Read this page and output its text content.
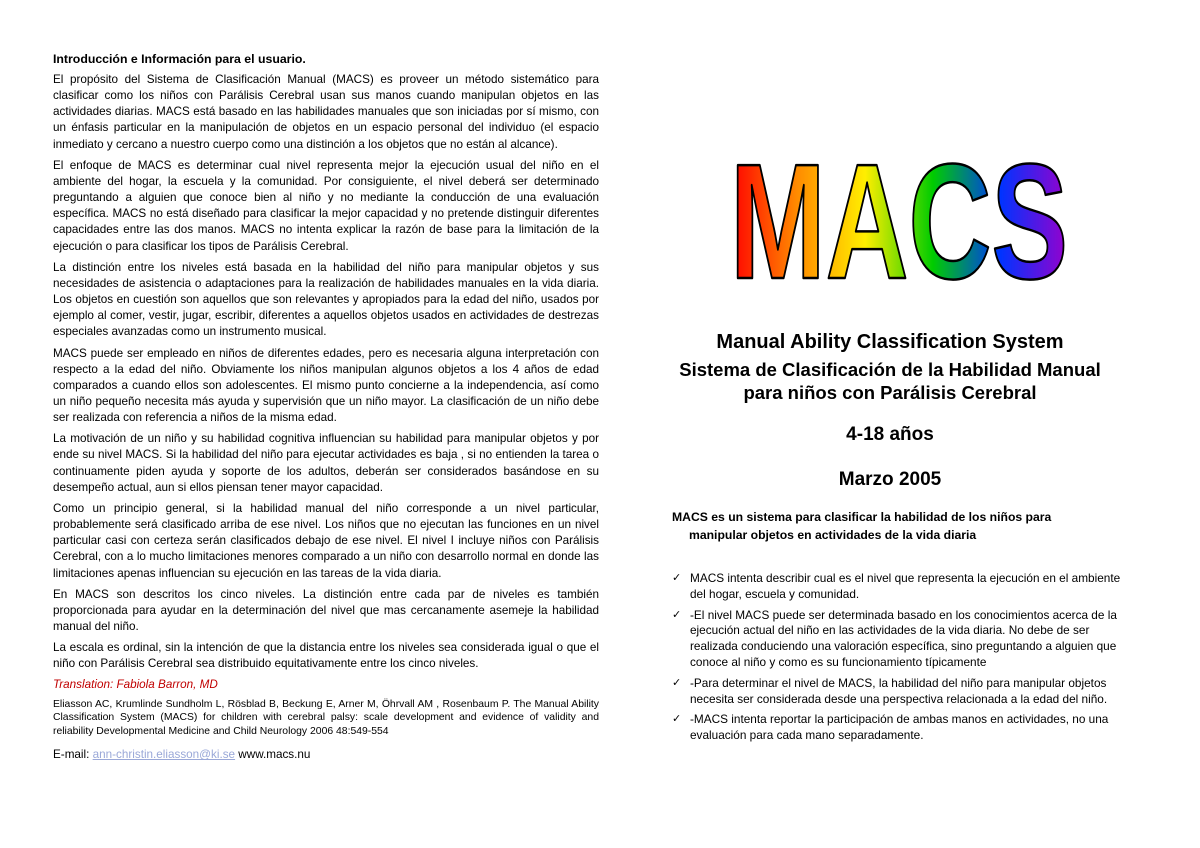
Introducción e Información para el usuario.

El propósito del Sistema de Clasificación Manual (MACS) es proveer un método sistemático para clasificar como los niños con Parálisis Cerebral usan sus manos cuando manipulan objetos en las actividades diarias. MACS está basado en las habilidades manuales que son iniciadas por sí mismo, con un énfasis particular en la manipulación de objetos en un espacio personal del individuo (el espacio inmediato y cercano a nuestro cuerpo como una distinción a los objetos que no están al alcance).

El enfoque de MACS es determinar cual nivel representa mejor la ejecución usual del niño en el ambiente del hogar, la escuela y la comunidad. Por consiguiente, el nivel deberá ser determinado preguntando a alguien que conoce bien al niño y no mediante la conducción de una evaluación específica. MACS no está diseñado para clasificar la mejor capacidad y no pretende distinguir diferentes capacidades entre las dos manos. MACS no intenta explicar la razón de base para la limitación de la ejecución o para clasificar los tipos de Parálisis Cerebral.

La distinción entre los niveles está basada en la habilidad del niño para manipular objetos y sus necesidades de asistencia o adaptaciones para la realización de habilidades manuales en la vida diaria. Los objetos en cuestión son aquellos que son relevantes y apropiados para la edad del niño, usados por ejemplo al comer, vestir, jugar, escribir, diferentes a aquellos objetos usados en actividades de destrezas especiales avanzadas como un instrumento musical.

MACS puede ser empleado en niños de diferentes edades, pero es necesaria alguna interpretación con respecto a la edad del niño. Obviamente los niños manipulan algunos objetos a los 4 años de edad comparados a cuando ellos son adolescentes. El mismo punto concierne a la independencia, así como un niño pequeño necesita más ayuda y supervisión que un niño mayor. La clasificación de un niño debe ser realizada con referencia a niños de la misma edad.

La motivación de un niño y su habilidad cognitiva influencian su habilidad para manipular objetos y por ende su nivel MACS. Si la habilidad del niño para ejecutar actividades es baja , si no entienden la tarea o continuamente piden ayuda y soporte de los adultos, deberán ser considerados basándose en su desempeño actual, aun si ellos piensan tener mayor capacidad.

Como un principio general, si la habilidad manual del niño corresponde a un nivel particular, probablemente será clasificado arriba de ese nivel. Los niños que no ejecutan las funciones en un nivel particular casi con certeza serán clasificados debajo de ese nivel. El nivel I incluye niños con Parálisis Cerebral, con a lo mucho limitaciones menores comparado a un niño con desarrollo normal en donde las limitaciones apenas influencian su ejecución en las tareas de la vida diaria.

En MACS son descritos los cinco niveles. La distinción entre cada par de niveles es también proporcionada para ayudar en la determinación del nivel que mas cercanamente asemeje la habilidad manual del niño.

La escala es ordinal, sin la intención de que la distancia entre los niveles sea considerada igual o que el niño con Parálisis Cerebral sea distribuido equitativamente entre los cinco niveles.

Translation: Fabiola Barron, MD
Eliasson AC, Krumlinde Sundholm L, Rösblad B, Beckung E, Arner M, Öhrvall AM , Rosenbaum P. The Manual Ability Classification System (MACS) for children with cerebral palsy: scale development and evidence of validity and reliability Developmental Medicine and Child Neurology 2006 48:549-554
E-mail: ann-christin.eliasson@ki.se www.macs.nu
MACS
Manual Ability Classification System
Sistema de Clasificación de la Habilidad Manual
para niños con Parálisis Cerebral
4-18 años
Marzo 2005
MACS es un sistema para clasificar la habilidad de los niños para
manipular objetos en actividades de la vida diaria
✓ MACS intenta describir cual es el nivel que representa la ejecución en el ambiente del hogar, escuela y comunidad.
✓ -El nivel MACS puede ser determinada basado en los conocimientos acerca de la ejecución actual del niño en las actividades de la vida diaria. No debe de ser realizada conduciendo una valoración específica, sino preguntando a alguien que conoce al niño y como es su funcionamiento típicamente
✓ -Para determinar el nivel de MACS, la habilidad del niño para manipular objetos necesita ser considerada desde una perspectiva relacionada a la edad del niño.
✓ -MACS intenta reportar la participación de ambas manos en actividades, no una evaluación para cada mano separadamente.
